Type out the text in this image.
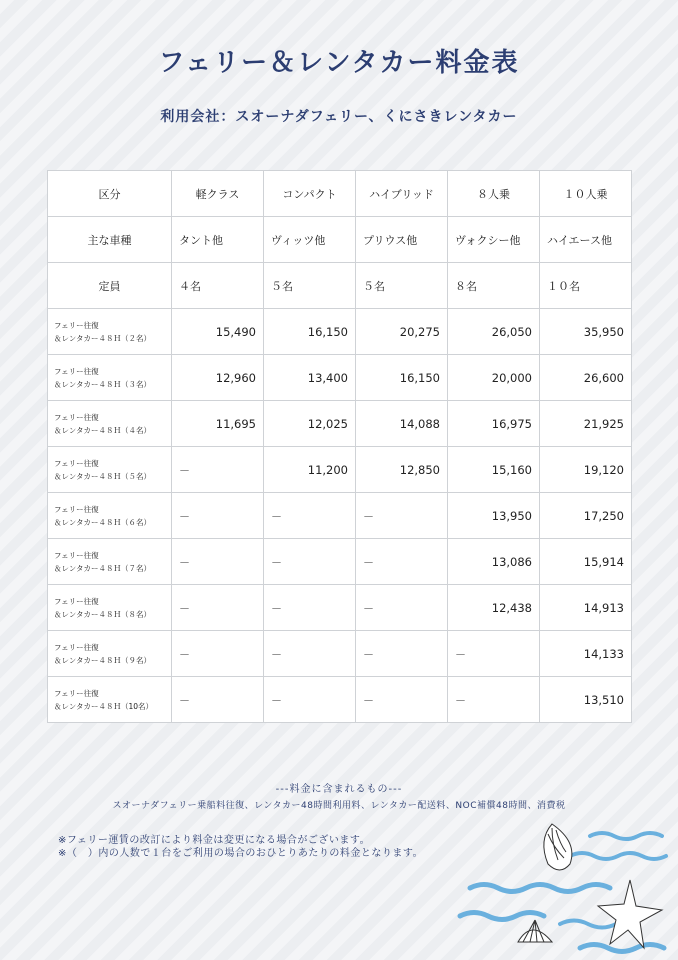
フェリー＆レンタカー料金表
利用会社：スオーナダフェリー、くにさきレンタカー
区分	軽クラス	コンパクト	ハイブリッド	８人乗	１０人乗
主な車種	タント他	ヴィッツ他	プリウス他	ヴォクシー他	ハイエース他
定員	４名	５名	５名	８名	１０名

フェリー往復
＆レンタカー４８Ｈ（２名）	15,490	16,150	20,275	26,050	35,950

フェリー往復
＆レンタカー４８Ｈ（３名）	12,960	13,400	16,150	20,000	26,600

フェリー往復
＆レンタカー４８Ｈ（４名）	11,695	12,025	14,088	16,975	21,925

フェリー往復
＆レンタカー４８Ｈ（５名）	－	11,200	12,850	15,160	19,120

フェリー往復
＆レンタカー４８Ｈ（６名）	－	－	－	13,950	17,250

フェリー往復
＆レンタカー４８Ｈ（７名）	－	－	－	13,086	15,914

フェリー往復
＆レンタカー４８Ｈ（８名）	－	－	－	12,438	14,913

フェリー往復
＆レンタカー４８Ｈ（９名）	－	－	－	－	14,133

フェリー往復
＆レンタカー４８Ｈ（10名）	－	－	－	－	13,510
---料金に含まれるもの---
スオーナダフェリー乗船料往復、レンタカー48時間利用料、レンタカー配送料、NOC補償48時間、消費税
※フェリー運賃の改訂により料金は変更になる場合がございます。
※（　）内の人数で１台をご利用の場合のおひとりあたりの料金となります。
